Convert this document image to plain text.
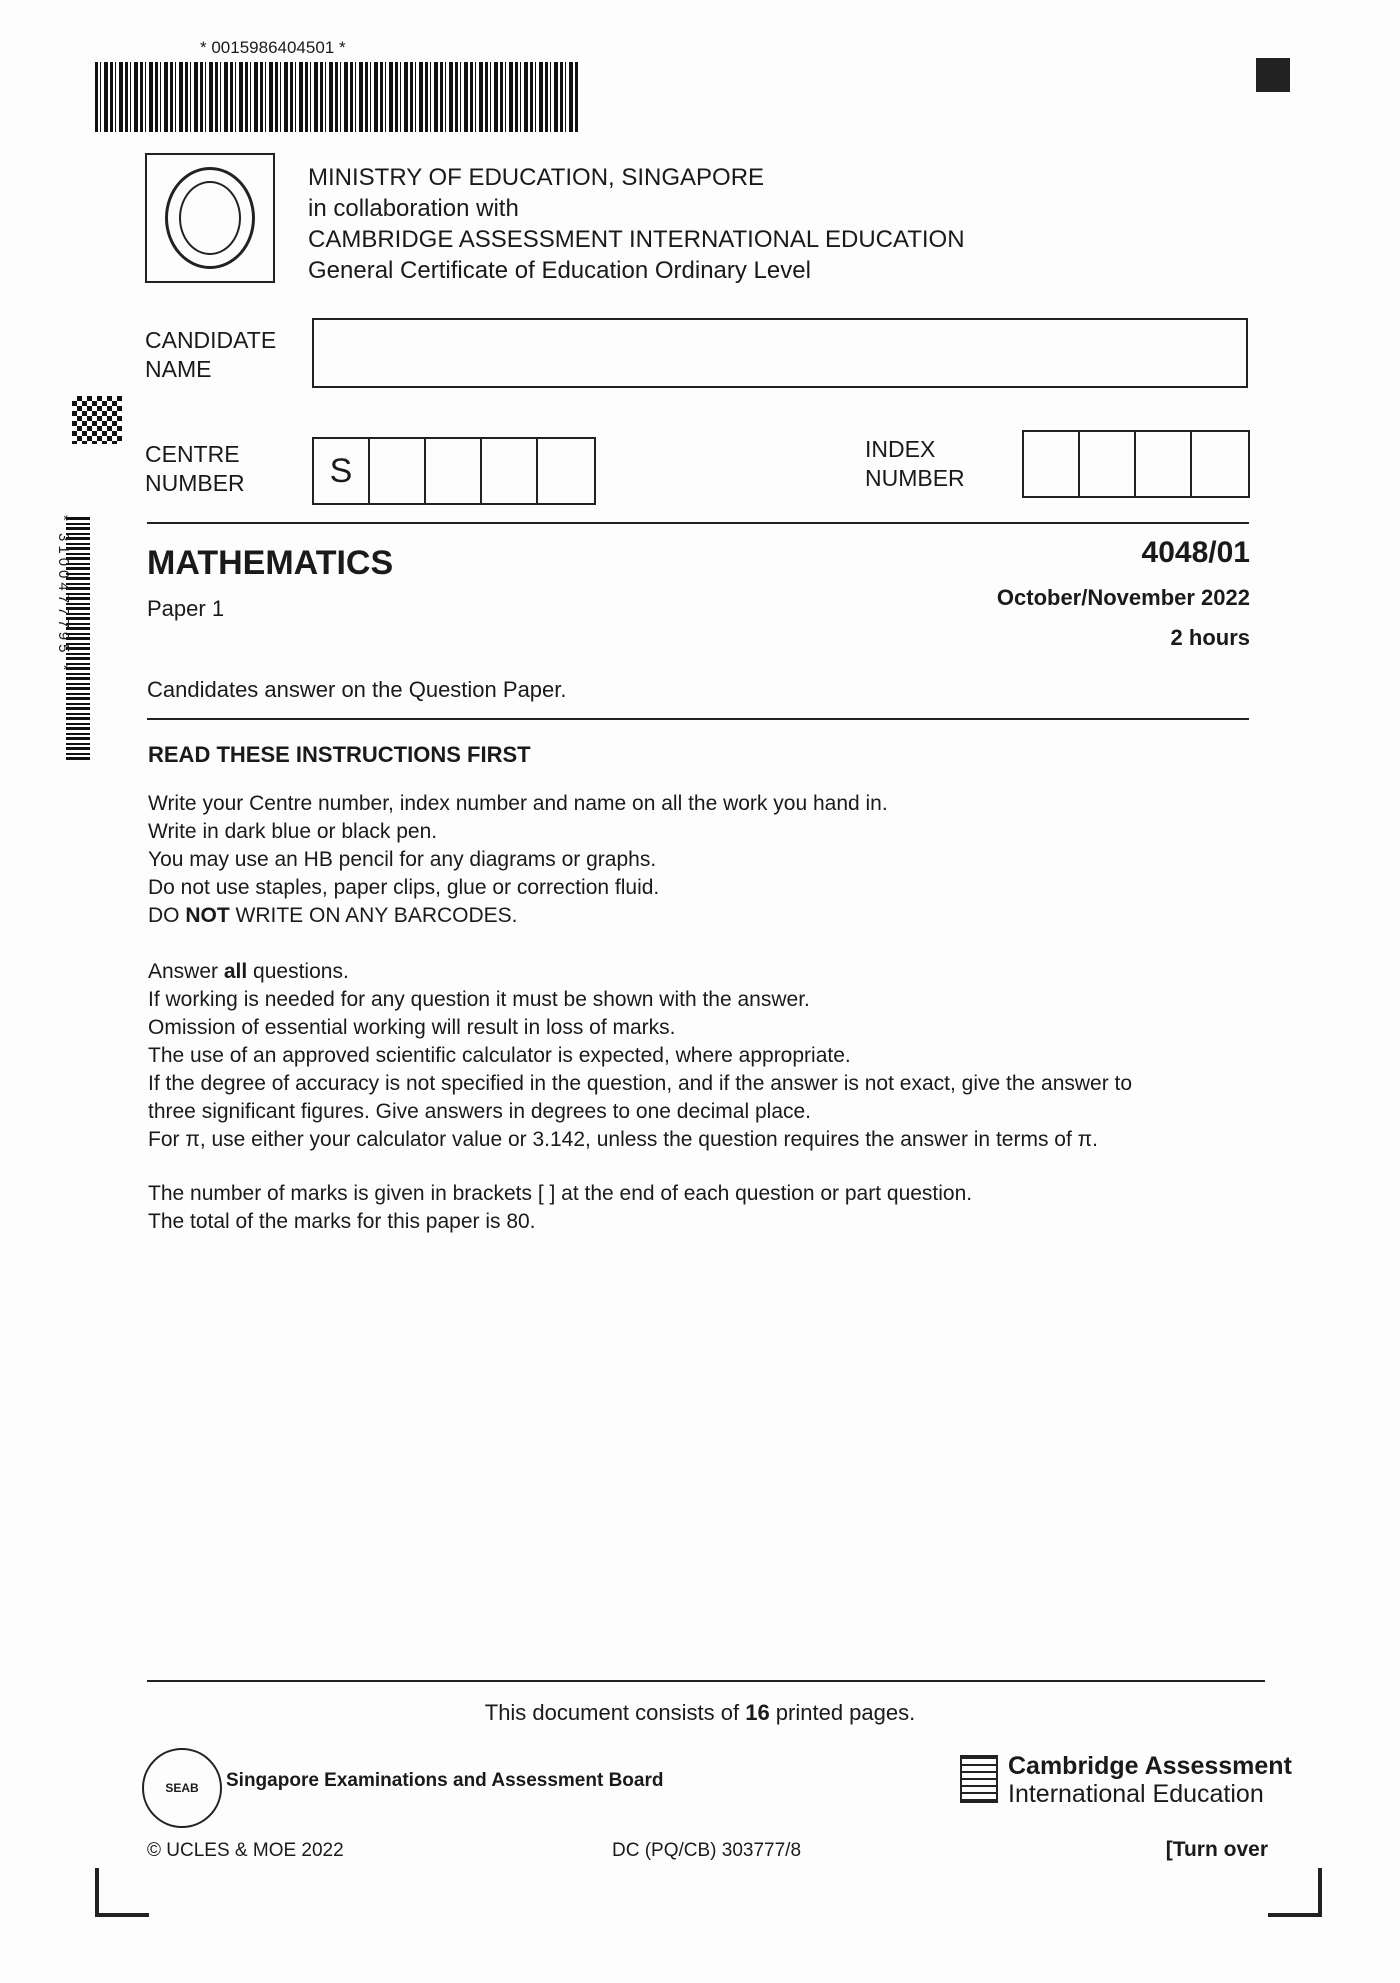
* 0015986404501 *
* 3100477795 *
MINISTRY OF EDUCATION, SINGAPORE
in collaboration with
CAMBRIDGE ASSESSMENT INTERNATIONAL EDUCATION
General Certificate of Education Ordinary Level
CANDIDATE
NAME
CENTRE
NUMBER	S
INDEX
NUMBER
MATHEMATICS
Paper 1
4048/01
October/November 2022
2 hours
Candidates answer on the Question Paper.
READ THESE INSTRUCTIONS FIRST

Write your Centre number, index number and name on all the work you hand in.

Write in dark blue or black pen.

You may use an HB pencil for any diagrams or graphs.

Do not use staples, paper clips, glue or correction fluid.

DO NOT WRITE ON ANY BARCODES.

Answer all questions.

If working is needed for any question it must be shown with the answer.

Omission of essential working will result in loss of marks.

The use of an approved scientific calculator is expected, where appropriate.

If the degree of accuracy is not specified in the question, and if the answer is not exact, give the answer to

three significant figures. Give answers in degrees to one decimal place.

For π, use either your calculator value or 3.142, unless the question requires the answer in terms of π.

The number of marks is given in brackets [ ] at the end of each question or part question.

The total of the marks for this paper is 80.

This document consists of 16 printed pages.
SEAB	Singapore Examinations and Assessment Board
Cambridge Assessment
International Education
© UCLES & MOE 2022	DC (PQ/CB) 303777/8	[Turn over
